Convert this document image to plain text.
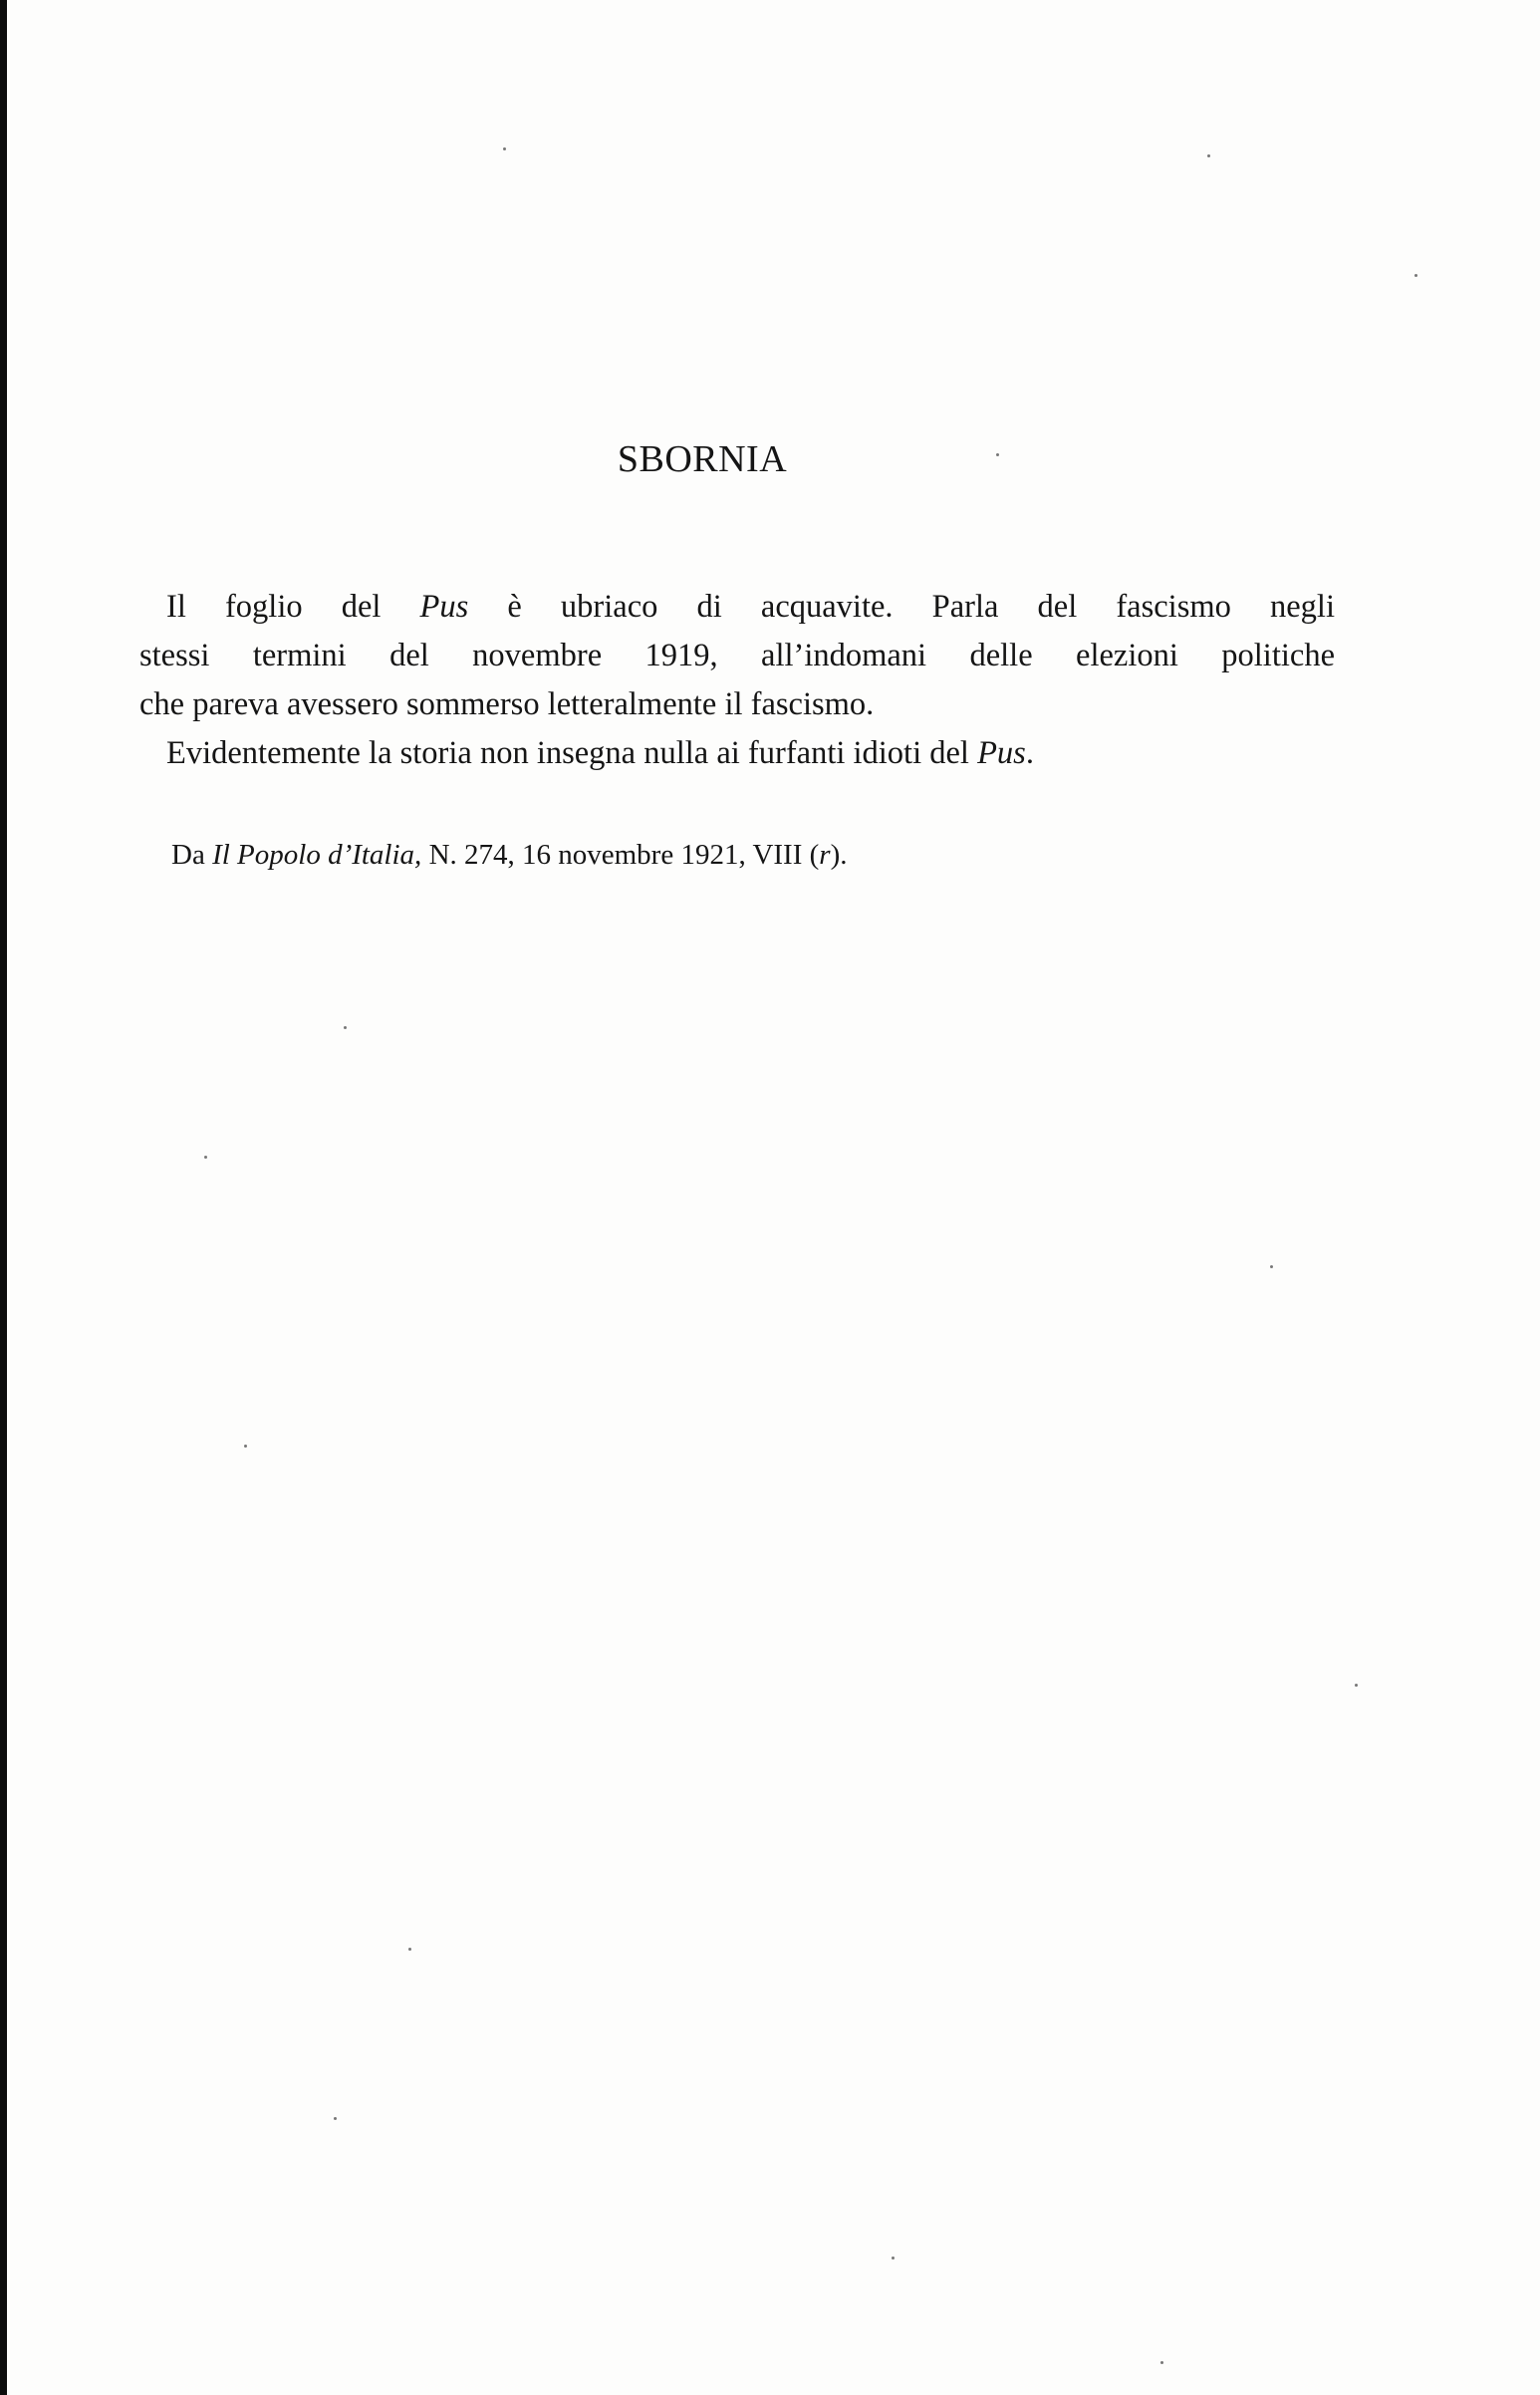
SBORNIA
Il foglio del Pus è ubriaco di acquavite. Parla del fascismo negli
stessi termini del novembre 1919, all’indomani delle elezioni politiche
che pareva avessero sommerso letteralmente il fascismo.
Evidentemente la storia non insegna nulla ai furfanti idioti del Pus.
Da Il Popolo d’Italia, N. 274, 16 novembre 1921, VIII (r).
